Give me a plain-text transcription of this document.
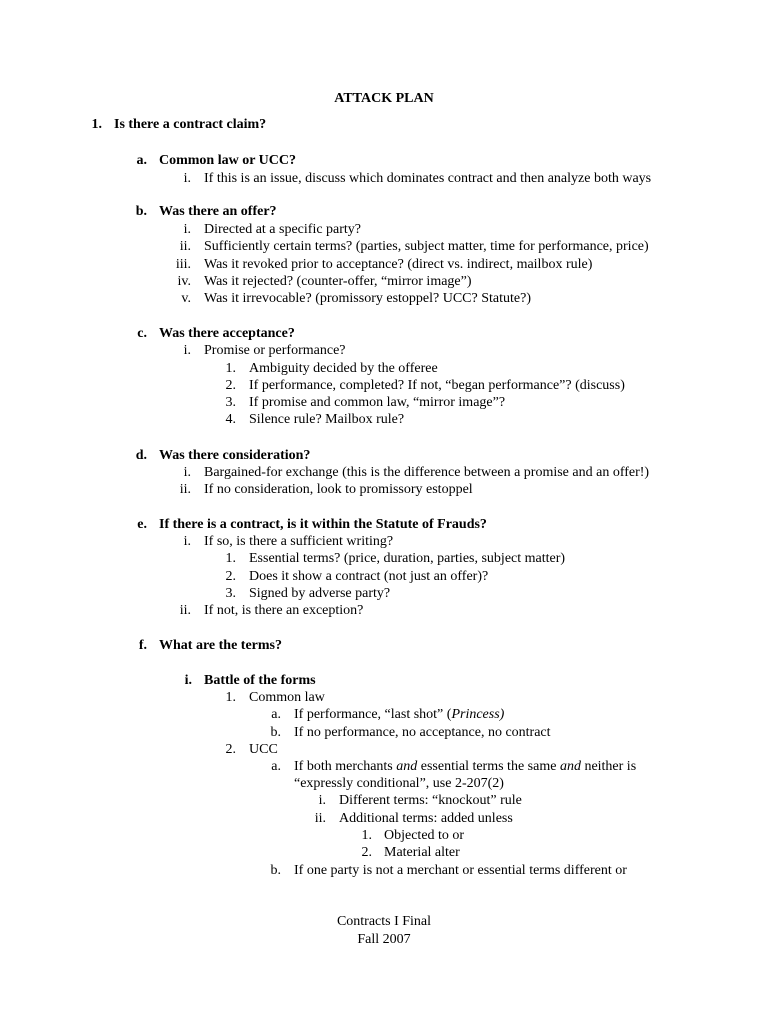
ATTACK PLAN
1. Is there a contract claim?
a. Common law or UCC?
i. If this is an issue, discuss which dominates contract and then analyze both ways
b. Was there an offer?
i. Directed at a specific party?
ii. Sufficiently certain terms? (parties, subject matter, time for performance, price)
iii. Was it revoked prior to acceptance? (direct vs. indirect, mailbox rule)
iv. Was it rejected? (counter-offer, “mirror image”)
v. Was it irrevocable? (promissory estoppel? UCC? Statute?)
c. Was there acceptance?
i. Promise or performance?
1. Ambiguity decided by the offeree
2. If performance, completed? If not, “began performance”? (discuss)
3. If promise and common law, “mirror image”?
4. Silence rule? Mailbox rule?
d. Was there consideration?
i. Bargained-for exchange (this is the difference between a promise and an offer!)
ii. If no consideration, look to promissory estoppel
e. If there is a contract, is it within the Statute of Frauds?
i. If so, is there a sufficient writing?
1. Essential terms? (price, duration, parties, subject matter)
2. Does it show a contract (not just an offer)?
3. Signed by adverse party?
ii. If not, is there an exception?
f. What are the terms?
i. Battle of the forms
1. Common law
a. If performance, “last shot” (Princess)
b. If no performance, no acceptance, no contract
2. UCC
a. If both merchants and essential terms the same and neither is
“expressly conditional”, use 2-207(2)
i. Different terms: “knockout” rule
ii. Additional terms: added unless
1. Objected to or
2. Material alter
b. If one party is not a merchant or essential terms different or
Contracts I Final
Fall 2007
